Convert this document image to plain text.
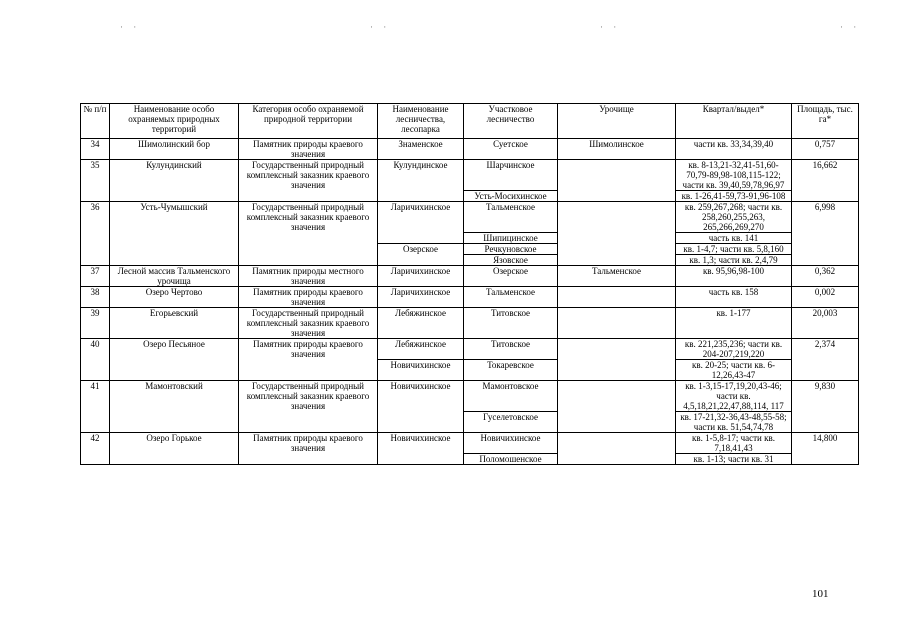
· ·	· ·	· ·	· ·
№ п/п	Наименование особо охраняемых природных территорий	Категория особо охраняемой природной территории	Наименование лесничества, лесопарка	Участковое лесничество	Урочище	Квартал/выдел*	Площадь, тыс. га*
34	Шимолинский бор	Памятник природы краевого значения	Знаменское	Суетское	Шимолинское	части кв. 33,34,39,40	0,757
35	Кулундинский	Государственный природный комплексный заказник краевого значения	Кулундинское	Шарчинское		кв. 8-13,21-32,41-51,60-70,79-89,98-108,115-122; части кв. 39,40,59,78,96,97	16,662
				Усть-Мосихинское		кв. 1-26,41-59,73-91,96-108	
36	Усть-Чумышский	Государственный природный комплексный заказник краевого значения	Ларичихинское	Тальменское		кв. 259,267,268; части кв. 258,260,255,263, 265,266,269,270	6,998
				Шипицинское		часть кв. 141	
			Озерское	Речкуновское		кв. 1-4,7; части кв. 5,8,160	
				Язовское		кв. 1,3; части кв. 2,4,79	
37	Лесной массив Тальменского урочища	Памятник природы местного значения	Ларичихинское	Озерское	Тальменское	кв. 95,96,98-100	0,362
38	Озеро Чертово	Памятник природы краевого значения	Ларичихинское	Тальменское		часть кв. 158	0,002
39	Егорьевский	Государственный природный комплексный заказник краевого значения	Лебяжинское	Титовское		кв. 1-177	20,003
40	Озеро Песьяное	Памятник природы краевого значения	Лебяжинское	Титовское		кв. 221,235,236; части кв. 204-207,219,220	2,374
			Новичихинское	Токаревское		кв. 20-25; части кв. 6-12,26,43-47	
41	Мамонтовский	Государственный природный комплексный заказник краевого значения	Новичихинское	Мамонтовское		кв. 1-3,15-17,19,20,43-46; части кв. 4,5,18,21,22,47,88,114, 117	9,830
				Гуселетовское		кв. 17-21,32-36,43-48,55-58; части кв. 51,54,74,78	
42	Озеро Горькое	Памятник природы краевого значения	Новичихинское	Новичихинское		кв. 1-5,8-17; части кв. 7,18,41,43	14,800
				Поломошенское		кв. 1-13; части кв. 31	
101
